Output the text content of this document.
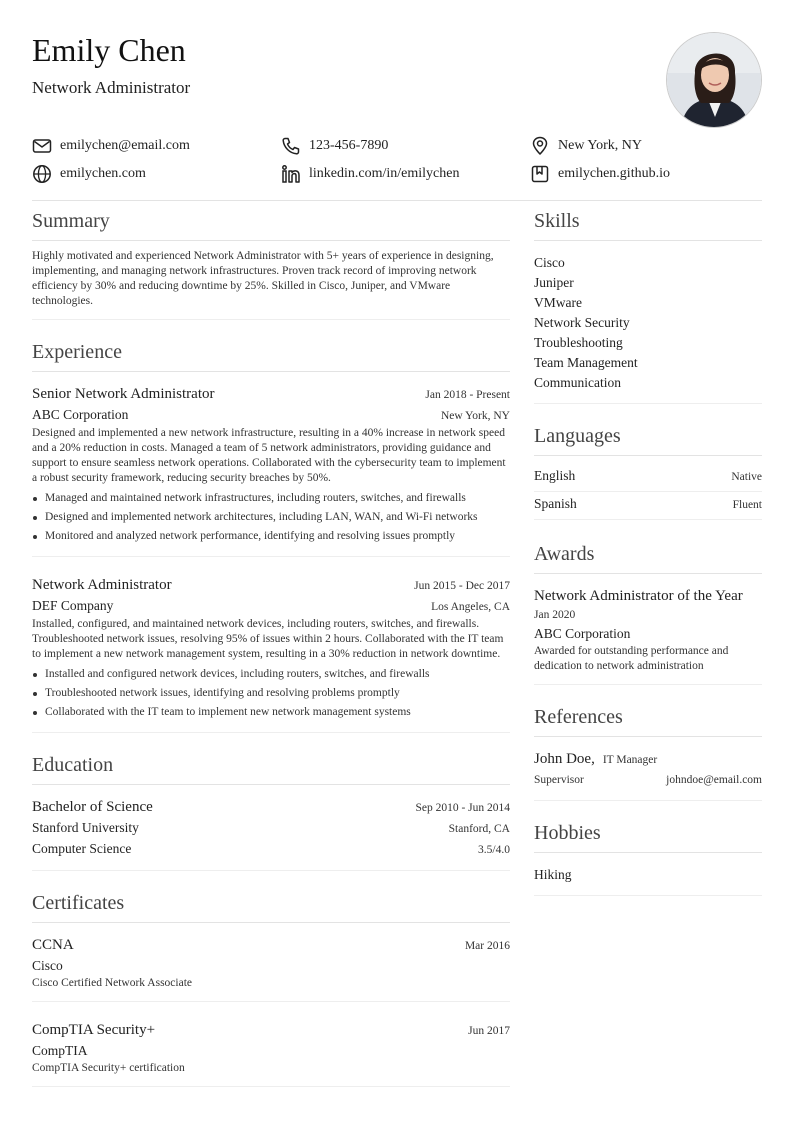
Emily Chen
Network Administrator
emilychen@email.com	123-456-7890	New York, NY
emilychen.com	linkedin.com/in/emilychen	emilychen.github.io
Summary
Highly motivated and experienced Network Administrator with 5+ years of experience in designing, implementing, and managing network infrastructures. Proven track record of improving network efficiency by 30% and reducing downtime by 25%. Skilled in Cisco, Juniper, and VMware technologies.
Experience
Senior Network Administrator	Jan 2018 - Present
ABC Corporation	New York, NY
Designed and implemented a new network infrastructure, resulting in a 40% increase in network speed and a 20% reduction in costs. Managed a team of 5 network administrators, providing guidance and support to ensure seamless network operations. Collaborated with the cybersecurity team to implement a robust security framework, reducing security breaches by 50%.
Managed and maintained network infrastructures, including routers, switches, and firewalls
Designed and implemented network architectures, including LAN, WAN, and Wi-Fi networks
Monitored and analyzed network performance, identifying and resolving issues promptly
Network Administrator	Jun 2015 - Dec 2017
DEF Company	Los Angeles, CA
Installed, configured, and maintained network devices, including routers, switches, and firewalls. Troubleshooted network issues, resolving 95% of issues within 2 hours. Collaborated with the IT team to implement a new network management system, resulting in a 30% reduction in network downtime.
Installed and configured network devices, including routers, switches, and firewalls
Troubleshooted network issues, identifying and resolving problems promptly
Collaborated with the IT team to implement new network management systems
Education
Bachelor of Science	Sep 2010 - Jun 2014
Stanford University	Stanford, CA
Computer Science	3.5/4.0
Certificates
CCNA	Mar 2016
Cisco
Cisco Certified Network Associate
CompTIA Security+	Jun 2017
CompTIA
CompTIA Security+ certification
Skills
Cisco
Juniper
VMware
Network Security
Troubleshooting
Team Management
Communication
Languages
English	Native
Spanish	Fluent
Awards
Network Administrator of the Year
Jan 2020
ABC Corporation
Awarded for outstanding performance and dedication to network administration
References
John Doe, IT Manager
Supervisor	johndoe@email.com
Hobbies
Hiking
